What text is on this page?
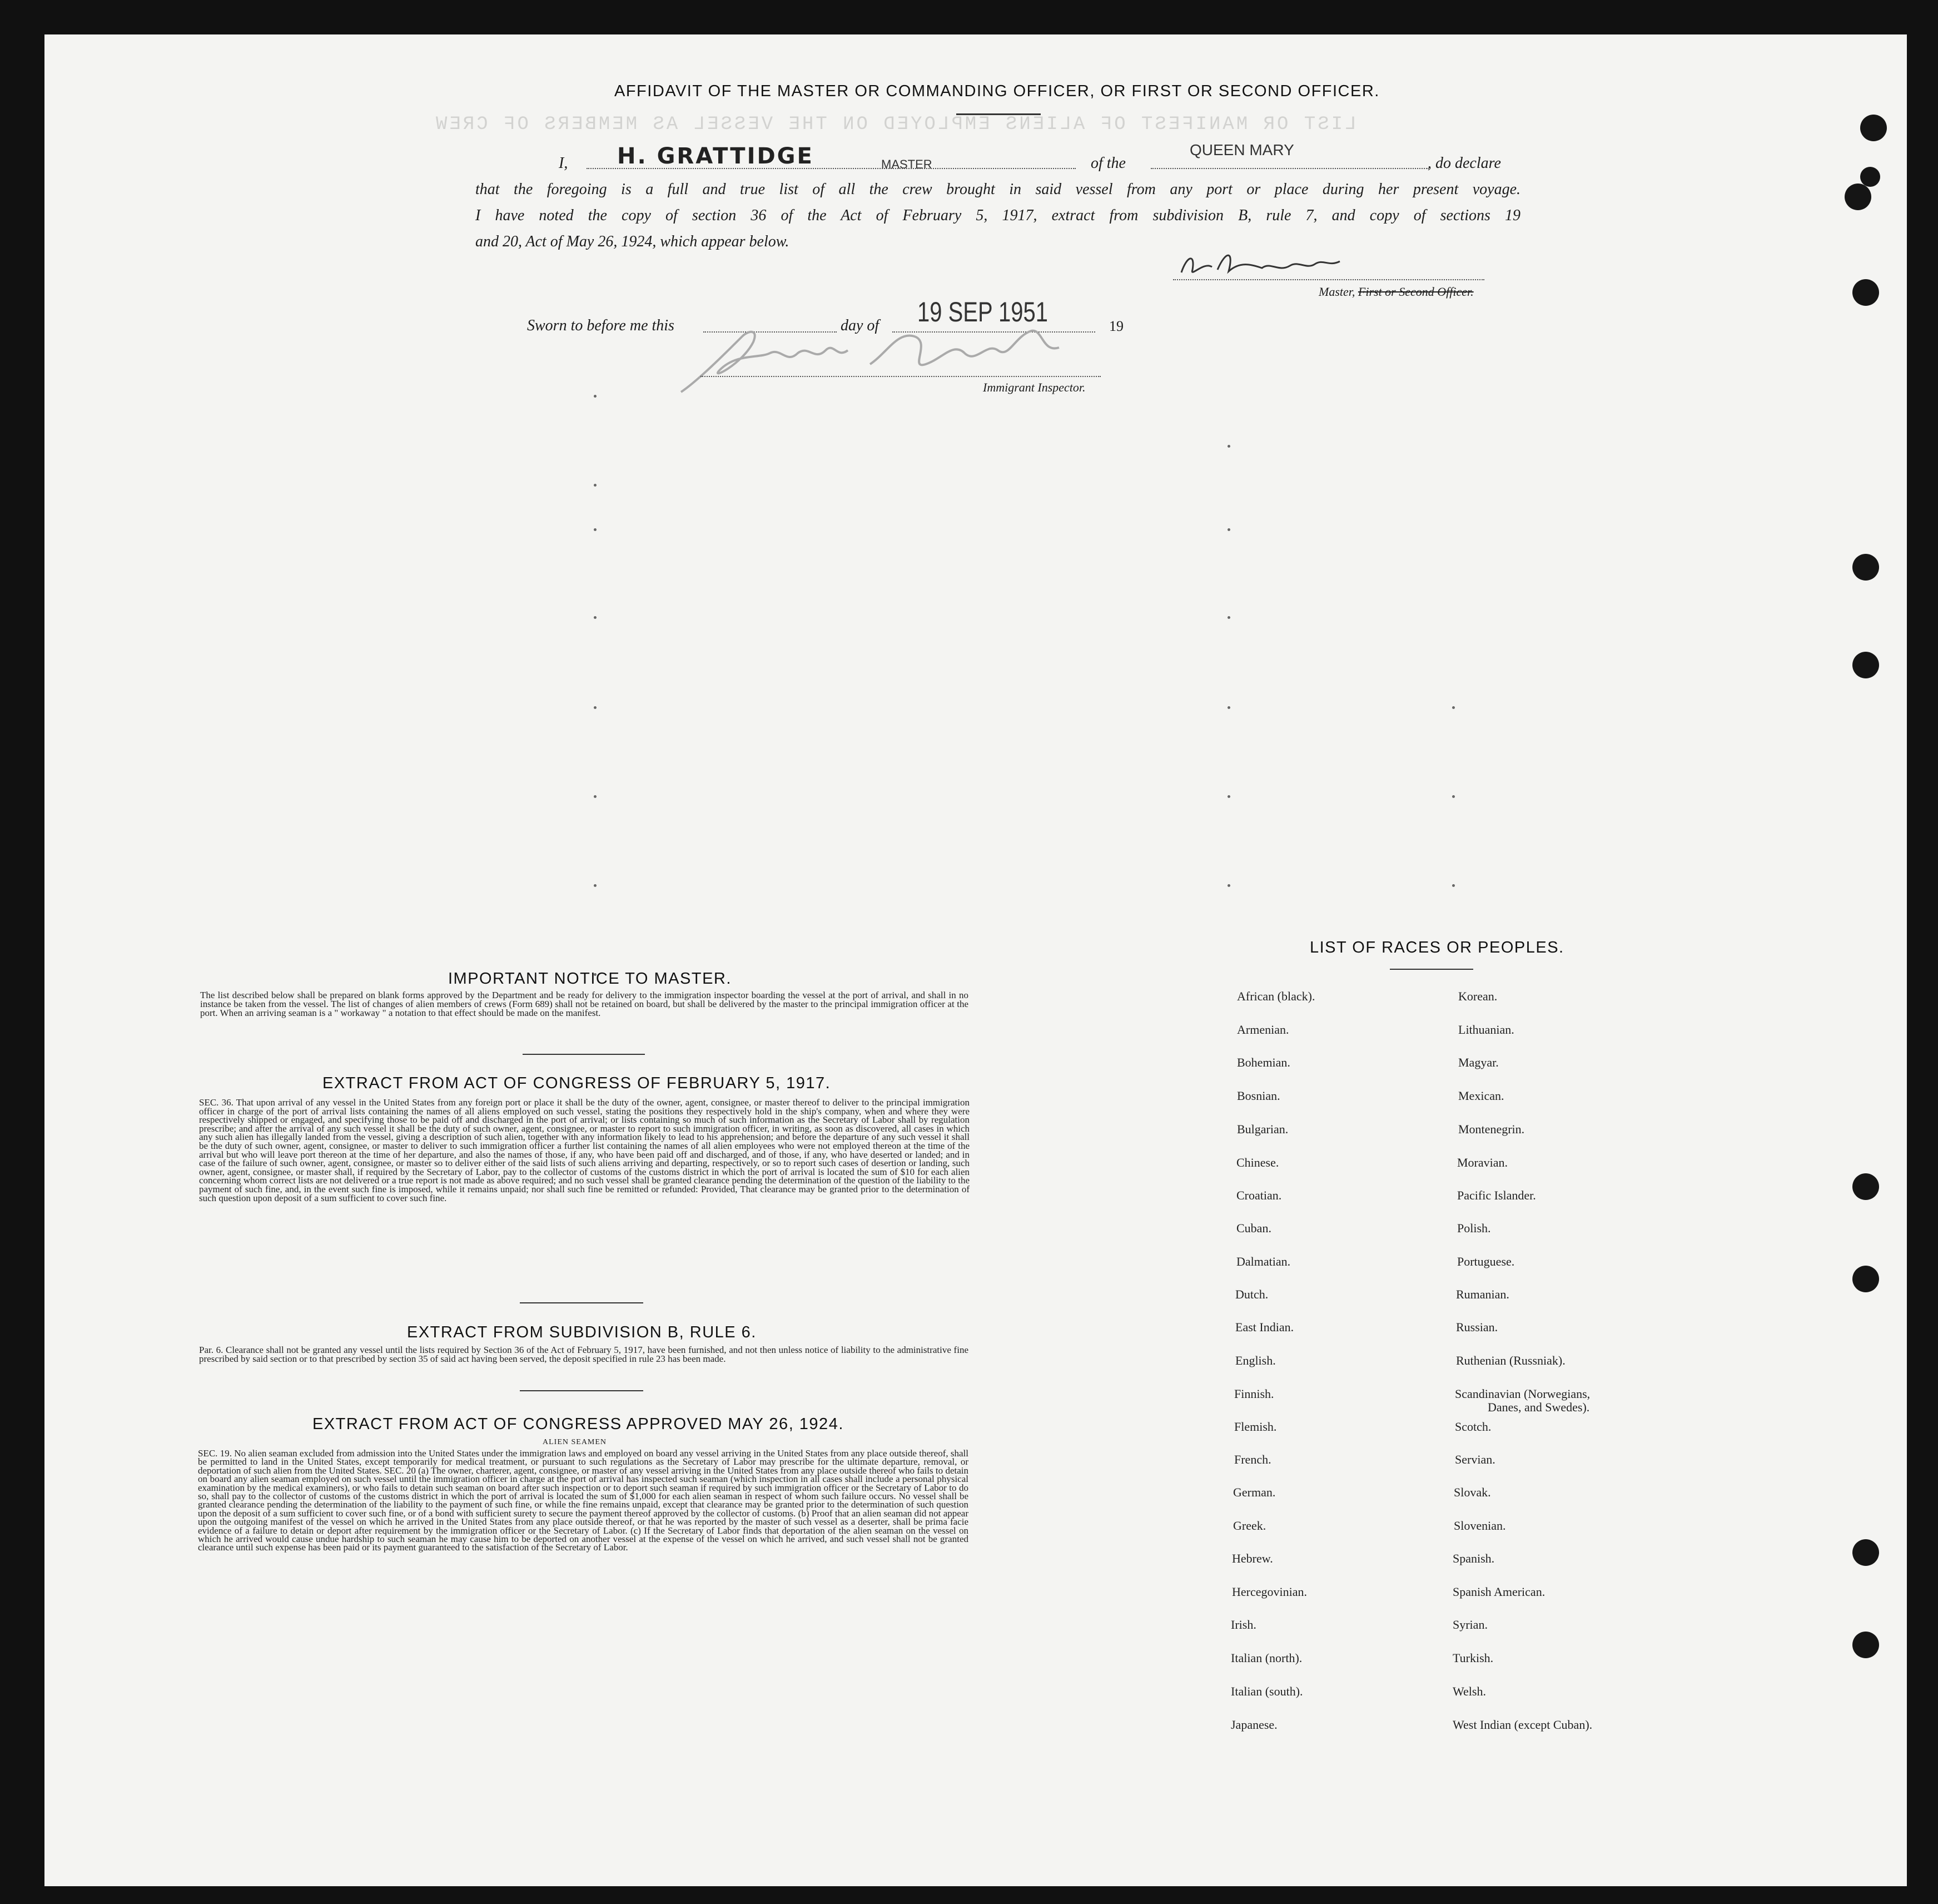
LIST OR MANIFEST OF ALIENS EMPLOYED ON THE VESSEL AS MEMBERS OF CREW
AFFIDAVIT OF THE MASTER OR COMMANDING OFFICER, OR FIRST OR SECOND OFFICER.
I, H. GRATTIDGE	MASTER	of the
QUEEN MARY
, do declare
that the foregoing is a full and true list of all the crew brought in said vessel from any port or place during her present voyage.
I have noted the copy of section 36 of the Act of February 5, 1917, extract from subdivision B, rule 7, and copy of sections 19
and 20, Act of May 26, 1924, which appear below.
Master, First or Second Officer.
Sworn to before me this	day of 19 SEP 1951	19
Immigrant Inspector.
IMPORTANT NOTICE TO MASTER.
The list described below shall be prepared on blank forms approved by the Department and be ready for delivery to the immigration inspector boarding the vessel at the port of arrival, and shall in no instance be taken from the vessel. The list of changes of alien members of crews (Form 689) shall not be retained on board, but shall be delivered by the master to the principal immigration officer at the port. When an arriving seaman is a " workaway " a notation to that effect should be made on the manifest.
EXTRACT FROM ACT OF CONGRESS OF FEBRUARY 5, 1917.
SEC. 36. That upon arrival of any vessel in the United States from any foreign port or place it shall be the duty of the owner, agent, consignee, or master thereof to deliver to the principal immigration officer in charge of the port of arrival lists containing the names of all aliens employed on such vessel, stating the positions they respectively hold in the ship's company, when and where they were respectively shipped or engaged, and specifying those to be paid off and discharged in the port of arrival; or lists containing so much of such information as the Secretary of Labor shall by regulation prescribe; and after the arrival of any such vessel it shall be the duty of such owner, agent, consignee, or master to report to such immigration officer, in writing, as soon as discovered, all cases in which any such alien has illegally landed from the vessel, giving a description of such alien, together with any information likely to lead to his apprehension; and before the departure of any such vessel it shall be the duty of such owner, agent, consignee, or master to deliver to such immigration officer a further list containing the names of all alien employees who were not employed thereon at the time of the arrival but who will leave port thereon at the time of her departure, and also the names of those, if any, who have been paid off and discharged, and of those, if any, who have deserted or landed; and in case of the failure of such owner, agent, consignee, or master so to deliver either of the said lists of such aliens arriving and departing, respectively, or so to report such cases of desertion or landing, such owner, agent, consignee, or master shall, if required by the Secretary of Labor, pay to the collector of customs of the customs district in which the port of arrival is located the sum of $10 for each alien concerning whom correct lists are not delivered or a true report is not made as above required; and no such vessel shall be granted clearance pending the determination of the question of the liability to the payment of such fine, and, in the event such fine is imposed, while it remains unpaid; nor shall such fine be remitted or refunded: Provided, That clearance may be granted prior to the determination of such question upon deposit of a sum sufficient to cover such fine.
EXTRACT FROM SUBDIVISION B, RULE 6.
Par. 6. Clearance shall not be granted any vessel until the lists required by Section 36 of the Act of February 5, 1917, have been furnished, and not then unless notice of liability to the administrative fine prescribed by said section or to that prescribed by section 35 of said act having been served, the deposit specified in rule 23 has been made.
EXTRACT FROM ACT OF CONGRESS APPROVED MAY 26, 1924.
ALIEN SEAMEN
SEC. 19. No alien seaman excluded from admission into the United States under the immigration laws and employed on board any vessel arriving in the United States from any place outside thereof, shall be permitted to land in the United States, except temporarily for medical treatment, or pursuant to such regulations as the Secretary of Labor may prescribe for the ultimate departure, removal, or deportation of such alien from the United States. SEC. 20 (a) The owner, charterer, agent, consignee, or master of any vessel arriving in the United States from any place outside thereof who fails to detain on board any alien seaman employed on such vessel until the immigration officer in charge at the port of arrival has inspected such seaman (which inspection in all cases shall include a personal physical examination by the medical examiners), or who fails to detain such seaman on board after such inspection or to deport such seaman if required by such immigration officer or the Secretary of Labor to do so, shall pay to the collector of customs of the customs district in which the port of arrival is located the sum of $1,000 for each alien seaman in respect of whom such failure occurs. No vessel shall be granted clearance pending the determination of the liability to the payment of such fine, or while the fine remains unpaid, except that clearance may be granted prior to the determination of such question upon the deposit of a sum sufficient to cover such fine, or of a bond with sufficient surety to secure the payment thereof approved by the collector of customs. (b) Proof that an alien seaman did not appear upon the outgoing manifest of the vessel on which he arrived in the United States from any place outside thereof, or that he was reported by the master of such vessel as a deserter, shall be prima facie evidence of a failure to detain or deport after requirement by the immigration officer or the Secretary of Labor. (c) If the Secretary of Labor finds that deportation of the alien seaman on the vessel on which he arrived would cause undue hardship to such seaman he may cause him to be deported on another vessel at the expense of the vessel on which he arrived, and such vessel shall not be granted clearance until such expense has been paid or its payment guaranteed to the satisfaction of the Secretary of Labor.
LIST OF RACES OR PEOPLES.
African (black).
Armenian.
Bohemian.
Bosnian.
Bulgarian.
Chinese.
Croatian.
Cuban.
Dalmatian.
Dutch.
East Indian.
English.
Finnish.
Flemish.
French.
German.
Greek.
Hebrew.
Hercegovinian.
Irish.
Italian (north).
Italian (south).
Japanese.
Korean.
Lithuanian.
Magyar.
Mexican.
Montenegrin.
Moravian.
Pacific Islander.
Polish.
Portuguese.
Rumanian.
Russian.
Ruthenian (Russniak).
Scandinavian (Norwegians,
Danes, and Swedes).
Scotch.
Servian.
Slovak.
Slovenian.
Spanish.
Spanish American.
Syrian.
Turkish.
Welsh.
West Indian (except Cuban).
